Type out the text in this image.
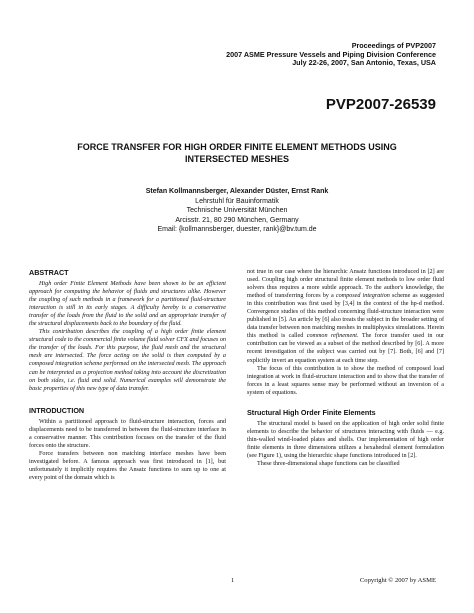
Proceedings of PVP2007
2007 ASME Pressure Vessels and Piping Division Conference
July 22-26, 2007, San Antonio, Texas, USA
PVP2007-26539
FORCE TRANSFER FOR HIGH ORDER FINITE ELEMENT METHODS USING
INTERSECTED MESHES
Stefan Kollmannsberger, Alexander Düster, Ernst Rank
Lehrstuhl für Bauinformatik
Technische Universität München
Arcisstr. 21, 80 290 München, Germany
Email: {kollmannsberger, duester, rank}@bv.tum.de
ABSTRACT

High order Finite Element Methods have been shown to be an efficient approach for computing the behavior of fluids and structures alike. However the coupling of such methods in a framework for a partitioned fluid-structure interaction is still in its early stages. A difficulty hereby is a conservative transfer of the loads from the fluid to the solid and an appropriate transfer of the structural displacements back to the boundary of the fluid.

This contribution describes the coupling of a high order finite element structural code to the commercial finite volume fluid solver CFX and focuses on the transfer of the loads. For this purpose, the fluid mesh and the structural mesh are intersected. The force acting on the solid is then computed by a composed integration scheme performed on the intersected mesh. The approach can be interpreted as a projection method taking into account the discretization on both sides, i.e. fluid and solid. Numerical examples will demonstrate the basic properties of this new type of data transfer.

INTRODUCTION

Within a partitioned approach to fluid-structure interaction, forces and displacements need to be transferred in between the fluid-structure interface in a conservative manner. This contribution focuses on the transfer of the fluid forces onto the structure.

Force transfers between non matching interface meshes have been investigated before. A famous approach was first introduced in [1], but unfortunately it implicitly requires the Ansatz functions to sum up to one at every point of the domain which is

not true in our case where the hierarchic Ansatz functions introduced in [2] are used. Coupling high order structural finite element methods to low order fluid solvers thus requires a more subtle approach. To the author's knowledge, the method of transferring forces by a composed integration scheme as suggested in this contribution was first used by [3,4] in the context of the hp-d method. Convergence studies of this method concerning fluid-structure interaction were published in [5]. An article by [6] also treats the subject in the broader setting of data transfer between non matching meshes in multiphysics simulations. Herein this method is called common refinement. The force transfer used in our contribution can be viewed as a subset of the method described by [6]. A more recent investigation of the subject was carried out by [7]. Both, [6] and [7] explicitly invert an equation system at each time step.

The focus of this contribution is to show the method of composed load integration at work in fluid-structure interaction and to show that the transfer of forces in a least squares sense may be performed without an inversion of a system of equations.

Structural High Order Finite Elements

The structural model is based on the application of high order solid finite elements to describe the behavior of structures interacting with fluids — e.g. thin-walled wind-loaded plates and shells. Our implementation of high order finite elements in three dimensions utilizes a hexahedral element formulation (see Figure 1), using the hierarchic shape functions introduced in [2].

These three-dimensional shape functions can be classified

1	Copyright © 2007 by ASME
